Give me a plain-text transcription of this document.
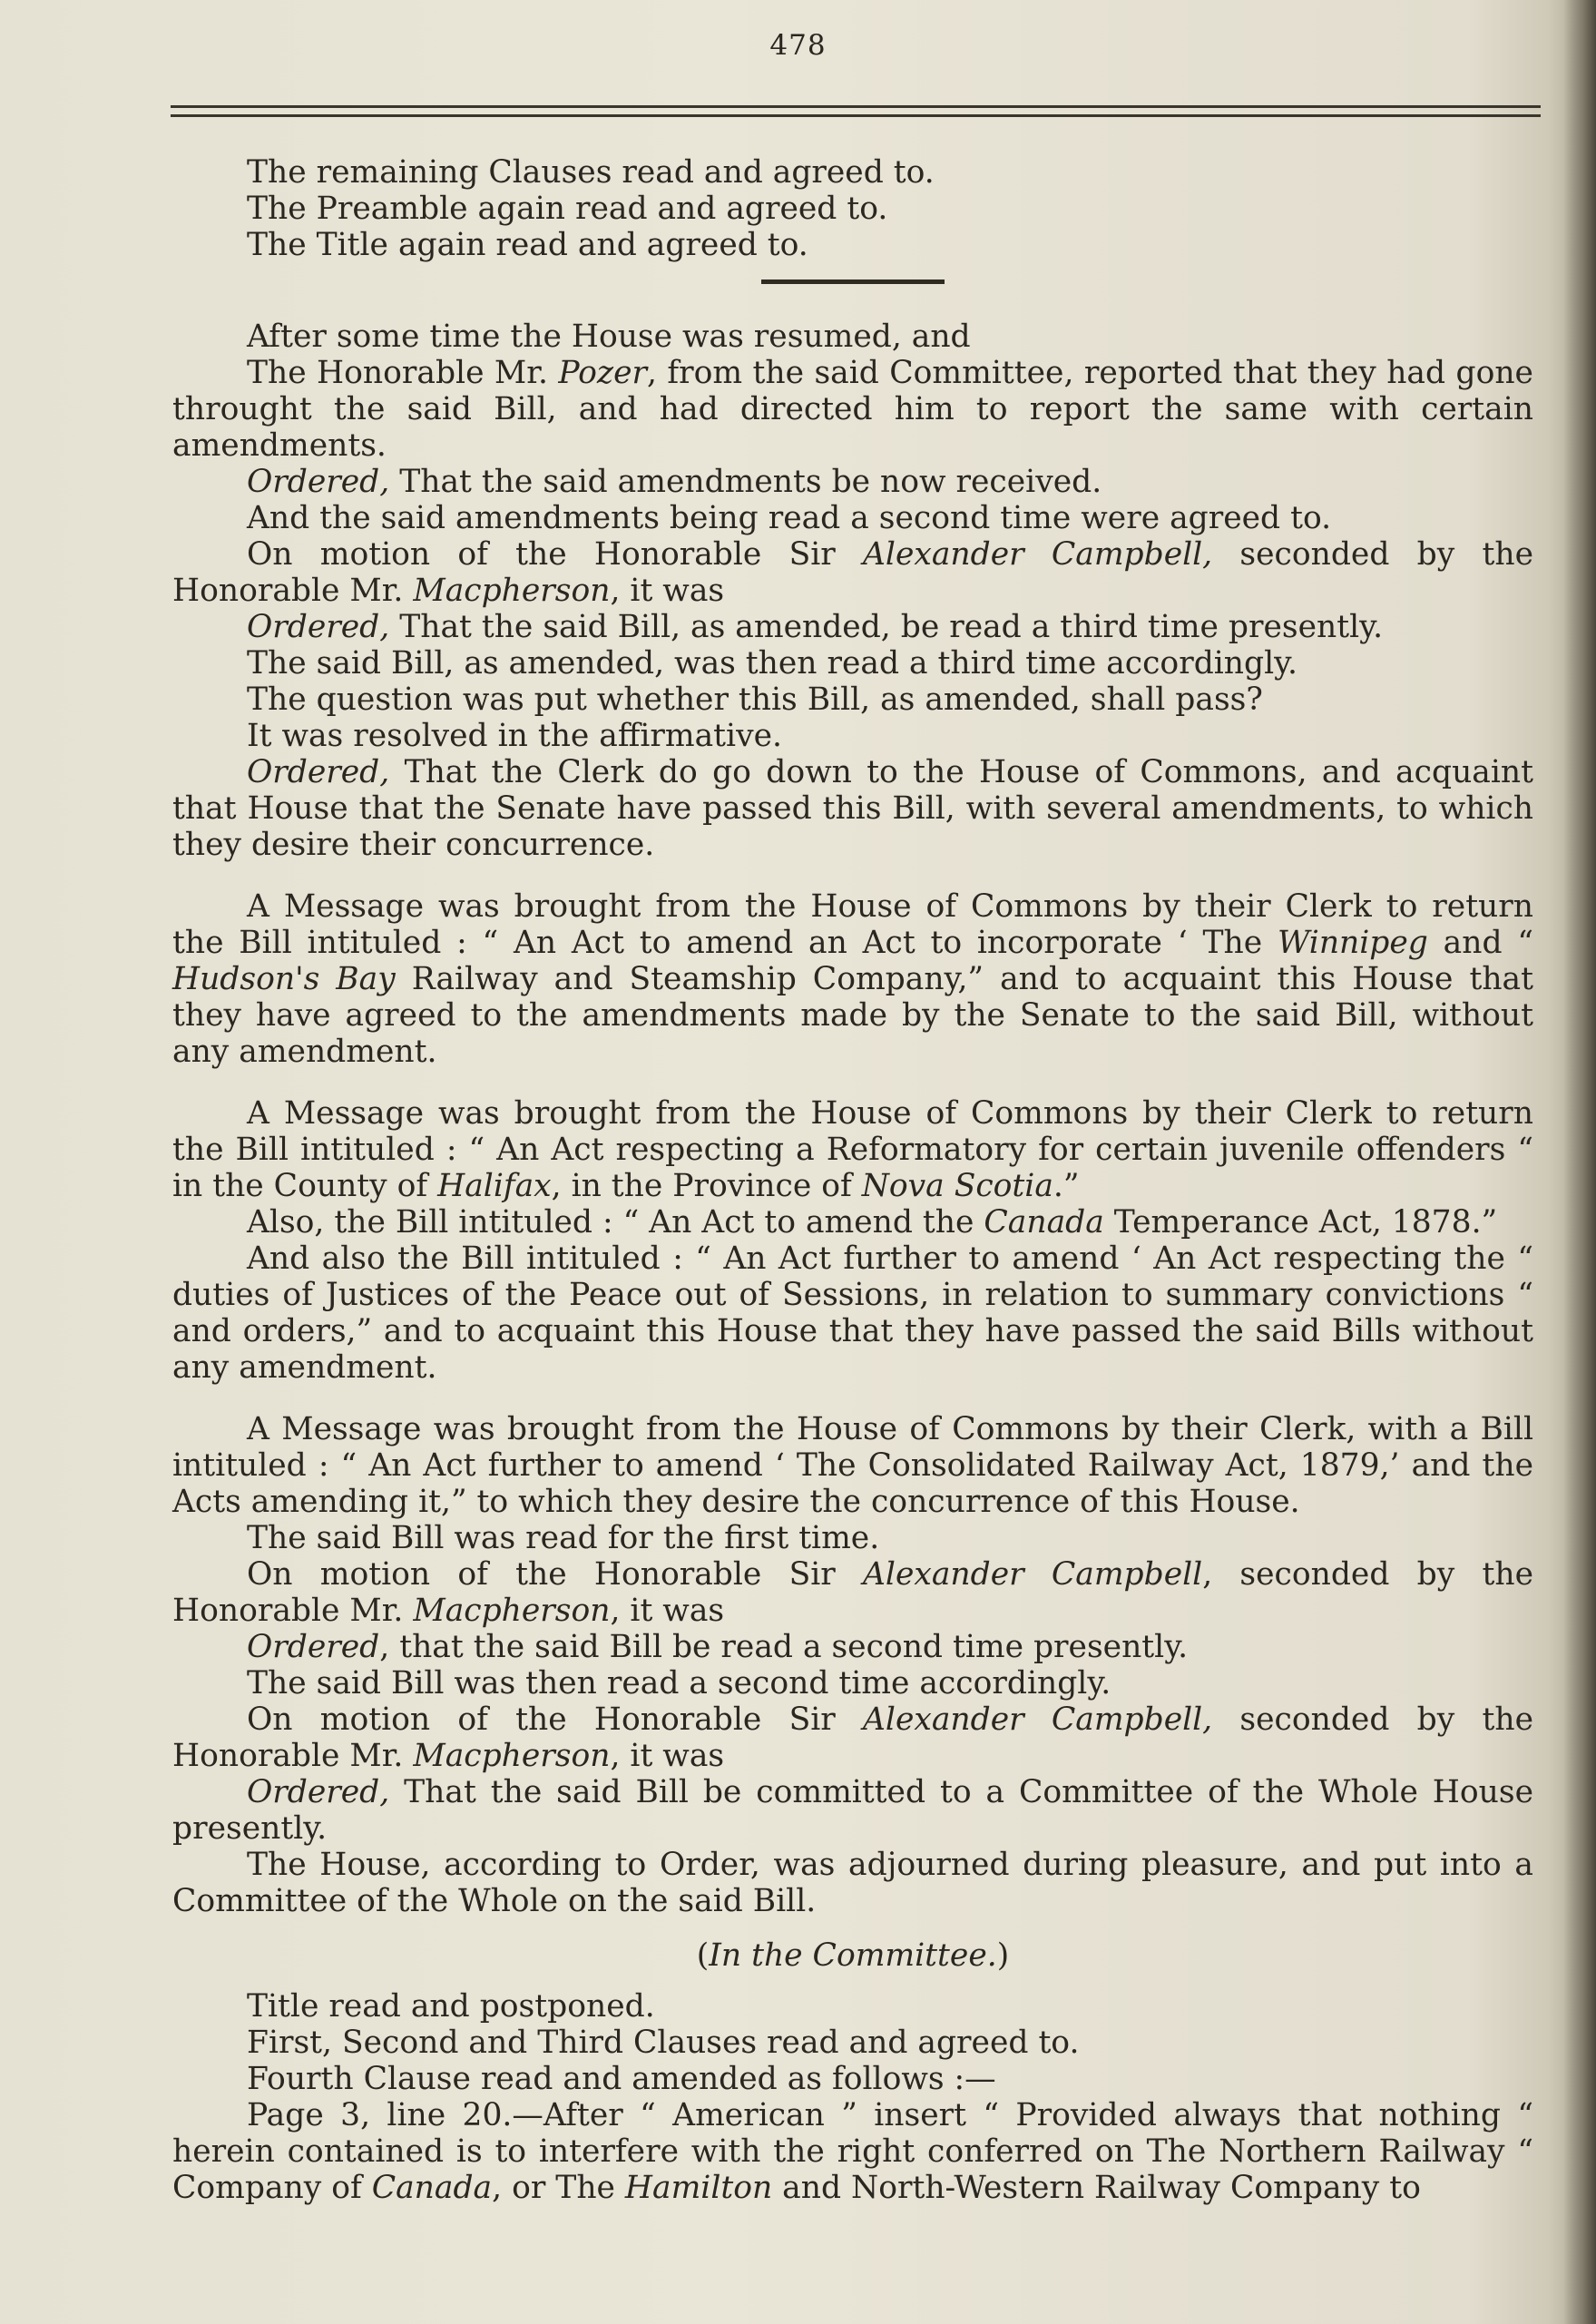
478

The remaining Clauses read and agreed to.

The Preamble again read and agreed to.

The Title again read and agreed to.

After some time the House was resumed, and

The Honorable Mr. Pozer, from the said Committee, reported that they had gone throught the said Bill, and had directed him to report the same with certain amendments.

Ordered, That the said amendments be now received.

And the said amendments being read a second time were agreed to.

On motion of the Honorable Sir Alexander Campbell, seconded by the Honorable Mr. Macpherson, it was

Ordered, That the said Bill, as amended, be read a third time presently.

The said Bill, as amended, was then read a third time accordingly.

The question was put whether this Bill, as amended, shall pass?

It was resolved in the affirmative.

Ordered, That the Clerk do go down to the House of Commons, and acquaint that House that the Senate have passed this Bill, with several amendments, to which they desire their concurrence.

A Message was brought from the House of Commons by their Clerk to return the Bill intituled : “ An Act to amend an Act to incorporate ‘ The Winnipeg and “ Hudson's Bay Railway and Steamship Company,” and to acquaint this House that they have agreed to the amendments made by the Senate to the said Bill, without any amendment.

A Message was brought from the House of Commons by their Clerk to return the Bill intituled : “ An Act respecting a Reformatory for certain juvenile offenders “ in the County of Halifax, in the Province of Nova Scotia.”

Also, the Bill intituled : “ An Act to amend the Canada Temperance Act, 1878.”

And also the Bill intituled : “ An Act further to amend ‘ An Act respecting the “ duties of Justices of the Peace out of Sessions, in relation to summary convictions “ and orders,” and to acquaint this House that they have passed the said Bills without any amendment.

A Message was brought from the House of Commons by their Clerk, with a Bill intituled : “ An Act further to amend ‘ The Consolidated Railway Act, 1879,’ and the Acts amending it,” to which they desire the concurrence of this House.

The said Bill was read for the first time.

On motion of the Honorable Sir Alexander Campbell, seconded by the Honorable Mr. Macpherson, it was

Ordered, that the said Bill be read a second time presently.

The said Bill was then read a second time accordingly.

On motion of the Honorable Sir Alexander Campbell, seconded by the Honorable Mr. Macpherson, it was

Ordered, That the said Bill be committed to a Committee of the Whole House presently.

The House, according to Order, was adjourned during pleasure, and put into a Committee of the Whole on the said Bill.

(In the Committee.)

Title read and postponed.

First, Second and Third Clauses read and agreed to.

Fourth Clause read and amended as follows :—

Page 3, line 20.—After “ American ” insert “ Provided always that nothing “ herein contained is to interfere with the right conferred on The Northern Railway “ Company of Canada, or The Hamilton and North-Western Railway Company to
